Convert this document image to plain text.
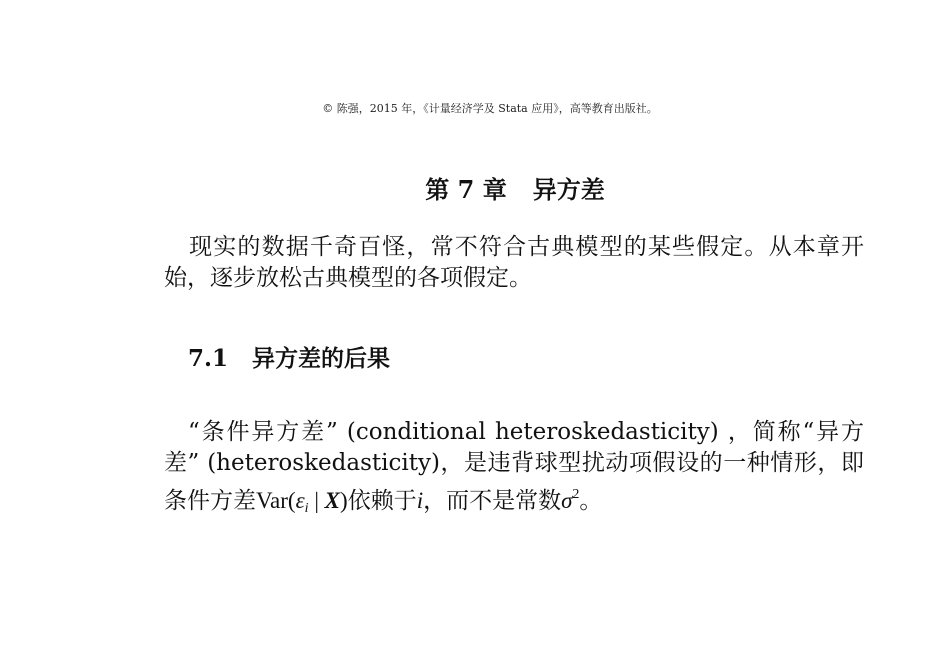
© 陈强，2015 年，《计量经济学及 Stata 应用》，高等教育出版社。
第 7 章 异方差
现实的数据千奇百怪，常不符合古典模型的某些假定。从本章开始，逐步放松古典模型的各项假定。
7.1 异方差的后果
“条件异方差” (conditional heteroskedasticity) ，简称“异方差” (heteroskedasticity)，是违背球型扰动项假设的一种情形，即条件方差$Var(\varepsilon_i$ | X)依赖于i，而不是常数$\sigma^2$。
